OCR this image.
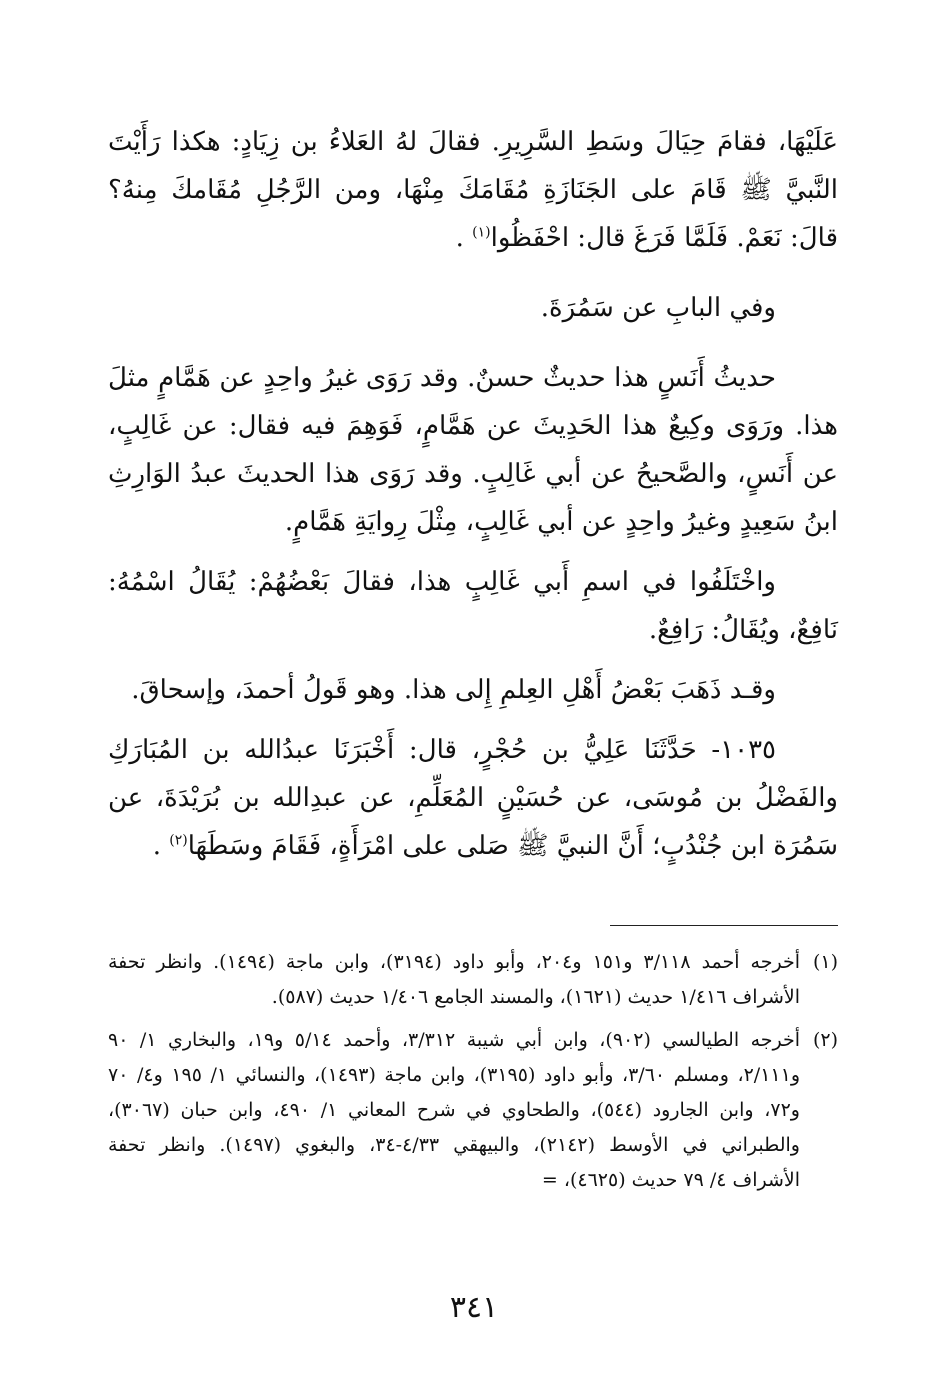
عَلَيْهَا، فقامَ حِيَالَ وسَطِ السَّرِيرِ. فقالَ لهُ العَلاءُ بن زِيَادٍ: هكذا رَأَيْتَ النَّبيَّ ﷺ قَامَ على الجَنَازَةِ مُقَامَكَ مِنْهَا، ومن الرَّجُلِ مُقَامكَ مِنهُ؟ قالَ: نَعَمْ. فَلَمَّا فَرَغَ قال: احْفَظُوا$^{(١)}$ .

وفي البابِ عن سَمُرَةَ.

حديثُ أَنَسٍ هذا حديثٌ حسنٌ. وقد رَوَى غيرُ واحِدٍ عن هَمَّامٍ مثلَ هذا. ورَوَى وكِيعٌ هذا الحَدِيثَ عن هَمَّامٍ، فَوَهِمَ فيه فقال: عن غَالِبٍ، عن أَنَسٍ، والصَّحيحُ عن أبي غَالِبٍ. وقد رَوَى هذا الحديثَ عبدُ الوَارِثِ ابنُ سَعِيدٍ وغيرُ واحِدٍ عن أبي غَالِبٍ، مِثْلَ رِوايَةِ هَمَّامٍ.

واخْتَلَفُوا في اسمِ أَبي غَالِبٍ هذا، فقالَ بَعْضُهُمْ: يُقَالُ اسْمُهُ: نَافِعٌ، ويُقَالُ: رَافِعٌ.

وقـد ذَهَبَ بَعْضُ أَهْلِ العِلمِ إِلى هذا. وهو قَولُ أحمدَ، وإسحاقَ.

١٠٣٥- حَدَّثَنَا عَلِيُّ بن حُجْرٍ، قال: أَخْبَرَنَا عبدُالله بن المُبَارَكِ والفَضْلُ بن مُوسَى، عن حُسَيْنٍ المُعَلِّمِ، عن عبدِالله بن بُرَيْدَةَ، عن سَمُرَة ابن جُنْدُبٍ؛ أَنَّ النبيَّ ﷺ صَلى على امْرَأَةٍ، فَقَامَ وسَطَهَا$^{(٢)}$ .

(١)
أخرجه أحمد ٣/١١٨ و١٥١ و٢٠٤، وأبو داود (٣١٩٤)، وابن ماجة (١٤٩٤). وانظر تحفة الأشراف ١/٤١٦ حديث (١٦٢١)، والمسند الجامع ١/٤٠٦ حديث (٥٨٧).
(٢)
أخرجه الطيالسي (٩٠٢)، وابن أبي شيبة ٣/٣١٢، وأحمد ٥/١٤ و١٩، والبخاري ١/ ٩٠ و٢/١١١، ومسلم ٣/٦٠، وأبو داود (٣١٩٥)، وابن ماجة (١٤٩٣)، والنسائي ١/ ١٩٥ و٤/ ٧٠ و٧٢، وابن الجارود (٥٤٤)، والطحاوي في شرح المعاني ١/ ٤٩٠، وابن حبان (٣٠٦٧)، والطبراني في الأوسط (٢١٤٢)، والبيهقي ٤/٣٣-٣٤، والبغوي (١٤٩٧). وانظر تحفة الأشراف ٤/ ٧٩ حديث (٤٦٢٥)، =
٣٤١
